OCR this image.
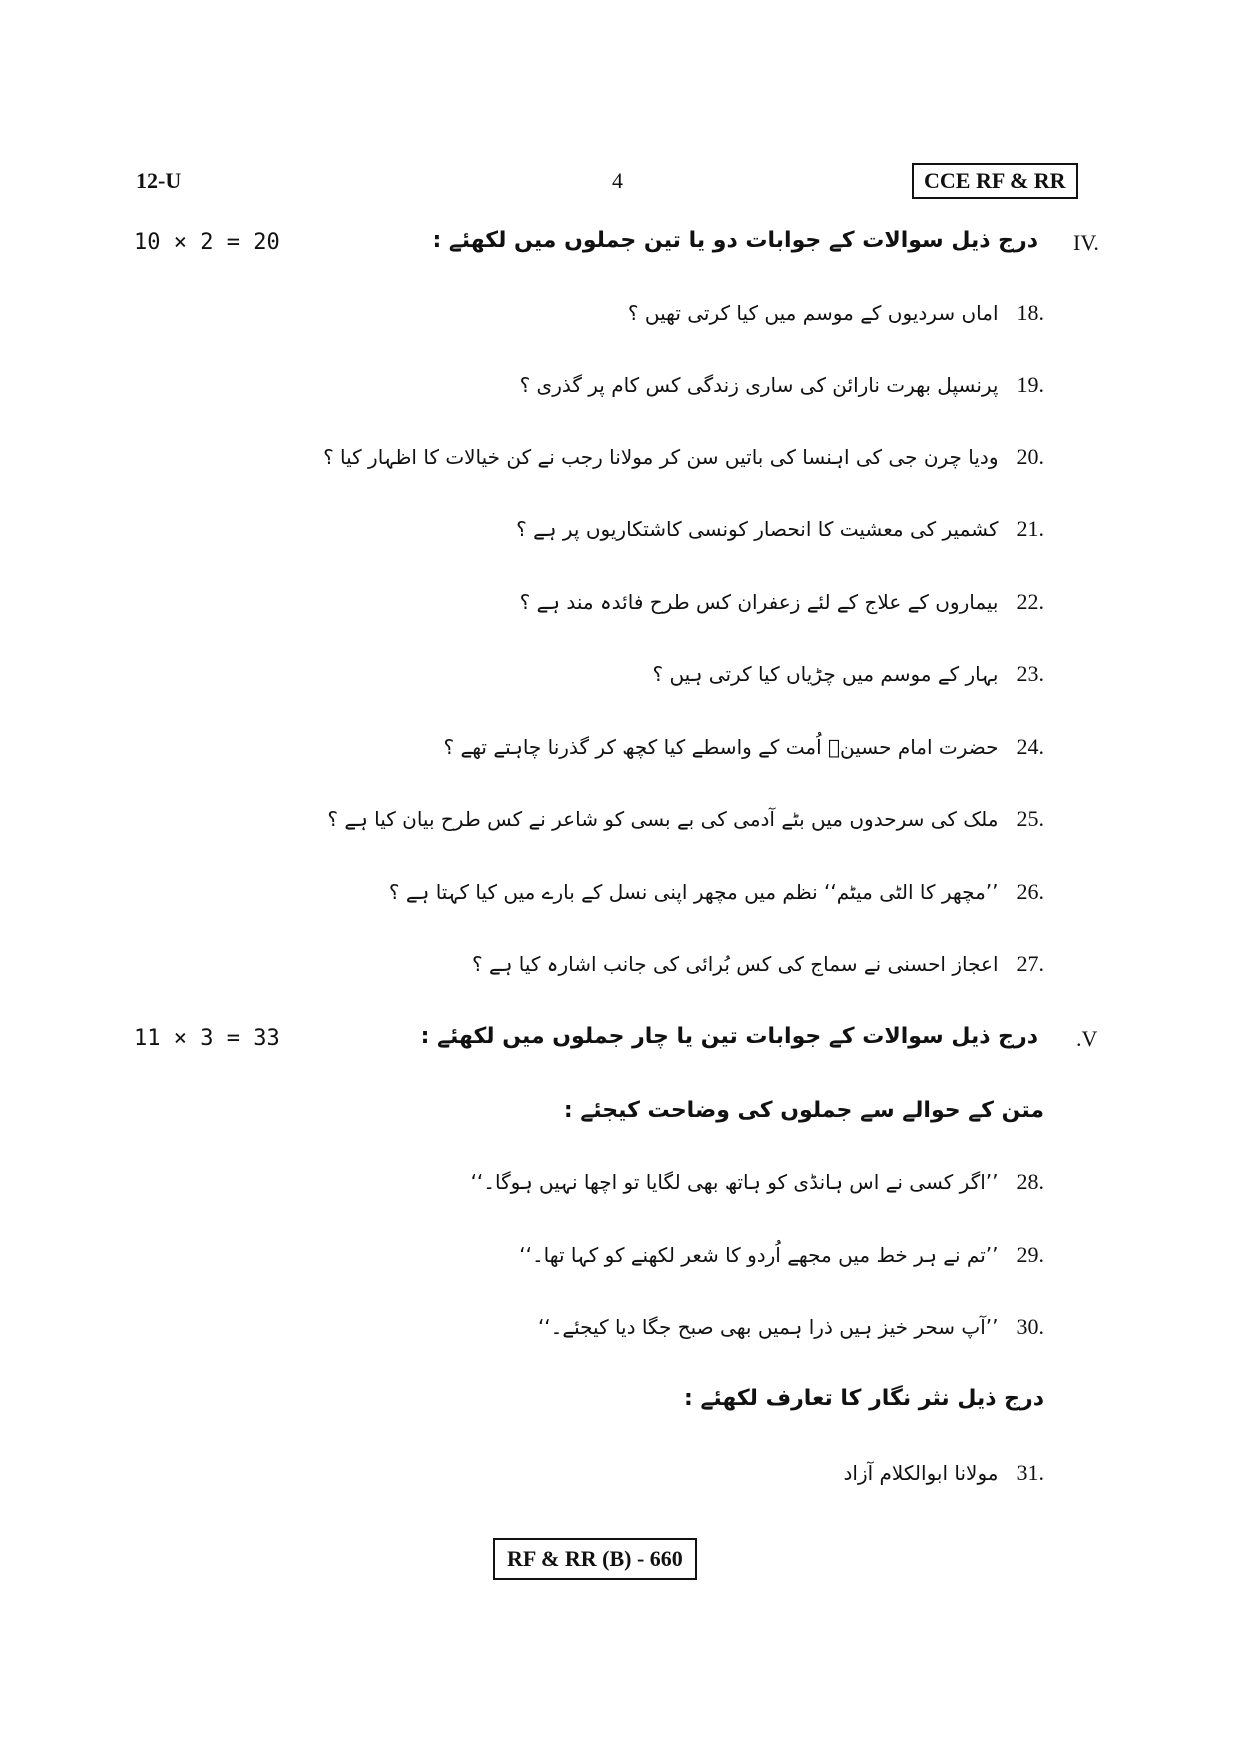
12-U	4	CCE RF & RR
10 × 2 = 20	IV.
درج ذیل سوالات کے جوابات دو یا تین جملوں میں لکھئے :
18.
اماں سردیوں کے موسم میں کیا کرتی تھیں ؟
19.
پرنسپل بھرت نارائن کی ساری زندگی کس کام پر گذری ؟
20.
ودیا چرن جی کی اہنسا کی باتیں سن کر مولانا رجب نے کن خیالات کا اظہار کیا ؟
21.
کشمیر کی معشیت کا انحصار کونسی کاشتکاریوں پر ہے ؟
22.
بیماروں کے علاج کے لئے زعفران کس طرح فائدہ مند ہے ؟
23.
بہار کے موسم میں چڑیاں کیا کرتی ہیں ؟
24.
حضرت امام حسینؓ اُمت کے واسطے کیا کچھ کر گذرنا چاہتے تھے ؟
25.
ملک کی سرحدوں میں بٹے آدمی کی بے بسی کو شاعر نے کس طرح بیان کیا ہے ؟
26.
’’مچھر کا الٹی میٹم‘‘ نظم میں مچھر اپنی نسل کے بارے میں کیا کہتا ہے ؟
27.
اعجاز احسنی نے سماج کی کس بُرائی کی جانب اشارہ کیا ہے ؟
11 × 3 = 33	.V
درج ذیل سوالات کے جوابات تین یا چار جملوں میں لکھئے :
متن کے حوالے سے جملوں کی وضاحت کیجئے :
28.
’’اگر کسی نے اس ہانڈی کو ہاتھ بھی لگایا تو اچھا نہیں ہوگا۔‘‘
29.
’’تم نے ہر خط میں مجھے اُردو کا شعر لکھنے کو کہا تھا۔‘‘
30.
’’آپ سحر خیز ہیں ذرا ہمیں بھی صبح جگا دیا کیجئے۔‘‘
درج ذیل نثر نگار کا تعارف لکھئے :
31.
مولانا ابوالکلام آزاد
RF & RR (B) - 660
